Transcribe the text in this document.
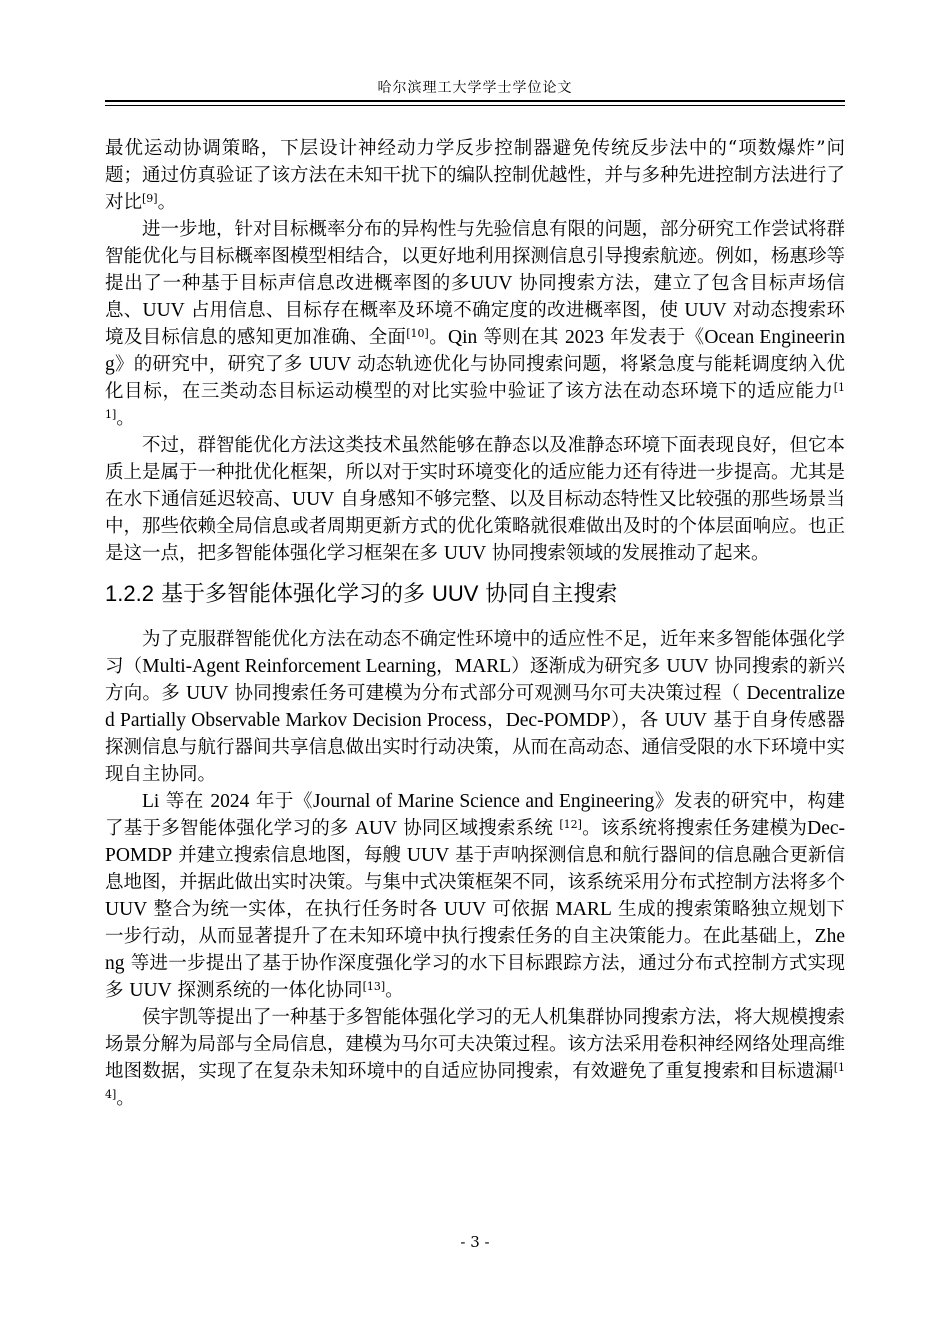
哈尔滨理工大学学士学位论文

最优运动协调策略，下层设计神经动力学反步控制器避免传统反步法中的“项数爆炸”问题；通过仿真验证了该方法在未知干扰下的编队控制优越性，并与多种先进控制方法进行了对比[9]。

进一步地，针对目标概率分布的异构性与先验信息有限的问题，部分研究工作尝试将群智能优化与目标概率图模型相结合，以更好地利用探测信息引导搜索航迹。例如，杨惠珍等提出了一种基于目标声信息改进概率图的多UUV 协同搜索方法，建立了包含目标声场信息、UUV 占用信息、目标存在概率及环境不确定度的改进概率图，使 UUV 对动态搜索环境及目标信息的感知更加准确、全面[10]。Qin 等则在其 2023 年发表于《Ocean Engineering》的研究中，研究了多 UUV 动态轨迹优化与协同搜索问题，将紧急度与能耗调度纳入优化目标，在三类动态目标运动模型的对比实验中验证了该方法在动态环境下的适应能力[11]。

不过，群智能优化方法这类技术虽然能够在静态以及准静态环境下面表现良好，但它本质上是属于一种批优化框架，所以对于实时环境变化的适应能力还有待进一步提高。尤其是在水下通信延迟较高、UUV 自身感知不够完整、以及目标动态特性又比较强的那些场景当中，那些依赖全局信息或者周期更新方式的优化策略就很难做出及时的个体层面响应。也正是这一点，把多智能体强化学习框架在多 UUV 协同搜索领域的发展推动了起来。

1.2.2 基于多智能体强化学习的多 UUV 协同自主搜索

为了克服群智能优化方法在动态不确定性环境中的适应性不足，近年来多智能体强化学习（Multi-Agent Reinforcement Learning，MARL）逐渐成为研究多 UUV 协同搜索的新兴方向。多 UUV 协同搜索任务可建模为分布式部分可观测马尔可夫决策过程（ Decentralized Partially Observable Markov Decision Process，Dec-POMDP），各 UUV 基于自身传感器探测信息与航行器间共享信息做出实时行动决策，从而在高动态、通信受限的水下环境中实现自主协同。

Li 等在 2024 年于《Journal of Marine Science and Engineering》发表的研究中，构建了基于多智能体强化学习的多 AUV 协同区域搜索系统 [12]。该系统将搜索任务建模为Dec-POMDP 并建立搜索信息地图，每艘 UUV 基于声呐探测信息和航行器间的信息融合更新信息地图，并据此做出实时决策。与集中式决策框架不同，该系统采用分布式控制方法将多个 UUV 整合为统一实体，在执行任务时各 UUV 可依据 MARL 生成的搜索策略独立规划下一步行动，从而显著提升了在未知环境中执行搜索任务的自主决策能力。在此基础上，Zheng 等进一步提出了基于协作深度强化学习的水下目标跟踪方法，通过分布式控制方式实现多 UUV 探测系统的一体化协同[13]。

侯宇凯等提出了一种基于多智能体强化学习的无人机集群协同搜索方法，将大规模搜索场景分解为局部与全局信息，建模为马尔可夫决策过程。该方法采用卷积神经网络处理高维地图数据，实现了在复杂未知环境中的自适应协同搜索，有效避免了重复搜索和目标遗漏[14]。

- 3 -
